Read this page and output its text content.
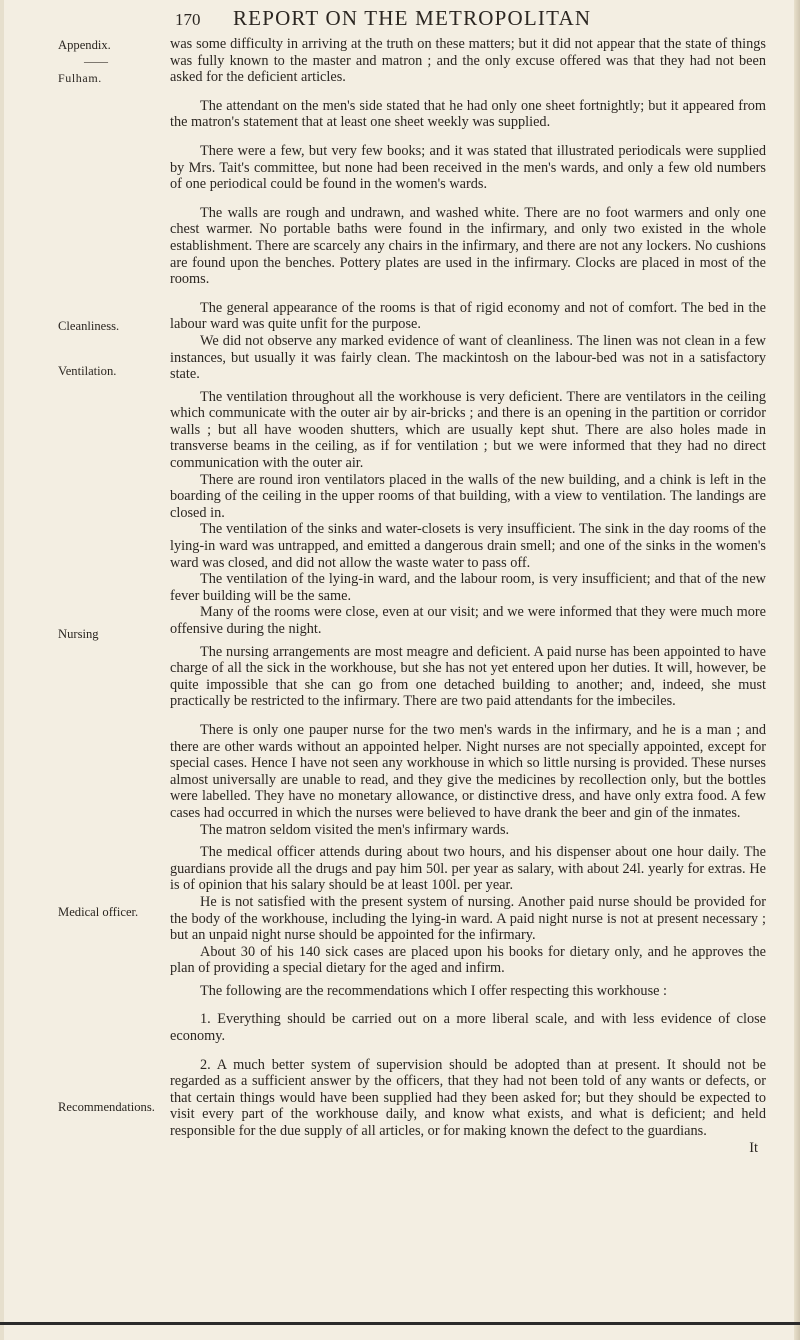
170 REPORT ON THE METROPOLITAN
Appendix.
——
Fulham.
Cleanliness.
Ventilation.
Nursing
Medical officer.
Recommendations.

was some difficulty in arriving at the truth on these matters; but it did not appear that the state of things was fully known to the master and matron ; and the only excuse offered was that they had not been asked for the deficient articles.

The attendant on the men's side stated that he had only one sheet fortnightly; but it appeared from the matron's statement that at least one sheet weekly was supplied.

There were a few, but very few books; and it was stated that illustrated periodicals were supplied by Mrs. Tait's committee, but none had been received in the men's wards, and only a few old numbers of one periodical could be found in the women's wards.

The walls are rough and undrawn, and washed white. There are no foot warmers and only one chest warmer. No portable baths were found in the infirmary, and only two existed in the whole establishment. There are scarcely any chairs in the infirmary, and there are not any lockers. No cushions are found upon the benches. Pottery plates are used in the infirmary. Clocks are placed in most of the rooms.

The general appearance of the rooms is that of rigid economy and not of comfort. The bed in the labour ward was quite unfit for the purpose.

We did not observe any marked evidence of want of cleanliness. The linen was not clean in a few instances, but usually it was fairly clean. The mackintosh on the labour-bed was not in a satisfactory state.

The ventilation throughout all the workhouse is very deficient. There are ventilators in the ceiling which communicate with the outer air by air-bricks ; and there is an opening in the partition or corridor walls ; but all have wooden shutters, which are usually kept shut. There are also holes made in transverse beams in the ceiling, as if for ventilation ; but we were informed that they had no direct communication with the outer air.

There are round iron ventilators placed in the walls of the new building, and a chink is left in the boarding of the ceiling in the upper rooms of that building, with a view to ventilation. The landings are closed in.

The ventilation of the sinks and water-closets is very insufficient. The sink in the day rooms of the lying-in ward was untrapped, and emitted a dangerous drain smell; and one of the sinks in the women's ward was closed, and did not allow the waste water to pass off.

The ventilation of the lying-in ward, and the labour room, is very insufficient; and that of the new fever building will be the same.

Many of the rooms were close, even at our visit; and we were informed that they were much more offensive during the night.

The nursing arrangements are most meagre and deficient. A paid nurse has been appointed to have charge of all the sick in the workhouse, but she has not yet entered upon her duties. It will, however, be quite impossible that she can go from one detached building to another; and, indeed, she must practically be restricted to the infirmary. There are two paid attendants for the imbeciles.

There is only one pauper nurse for the two men's wards in the infirmary, and he is a man ; and there are other wards without an appointed helper. Night nurses are not specially appointed, except for special cases. Hence I have not seen any workhouse in which so little nursing is provided. These nurses almost universally are unable to read, and they give the medicines by recollection only, but the bottles were labelled. They have no monetary allowance, or distinctive dress, and have only extra food. A few cases had occurred in which the nurses were believed to have drank the beer and gin of the inmates.

The matron seldom visited the men's infirmary wards.

The medical officer attends during about two hours, and his dispenser about one hour daily. The guardians provide all the drugs and pay him 50l. per year as salary, with about 24l. yearly for extras. He is of opinion that his salary should be at least 100l. per year.

He is not satisfied with the present system of nursing. Another paid nurse should be provided for the body of the workhouse, including the lying-in ward. A paid night nurse is not at present necessary ; but an unpaid night nurse should be appointed for the infirmary.

About 30 of his 140 sick cases are placed upon his books for dietary only, and he approves the plan of providing a special dietary for the aged and infirm.

The following are the recommendations which I offer respecting this workhouse :

1. Everything should be carried out on a more liberal scale, and with less evidence of close economy.

2. A much better system of supervision should be adopted than at present. It should not be regarded as a sufficient answer by the officers, that they had not been told of any wants or defects, or that certain things would have been supplied had they been asked for; but they should be expected to visit every part of the workhouse daily, and know what exists, and what is deficient; and held responsible for the due supply of all articles, or for making known the defect to the guardians.

It
